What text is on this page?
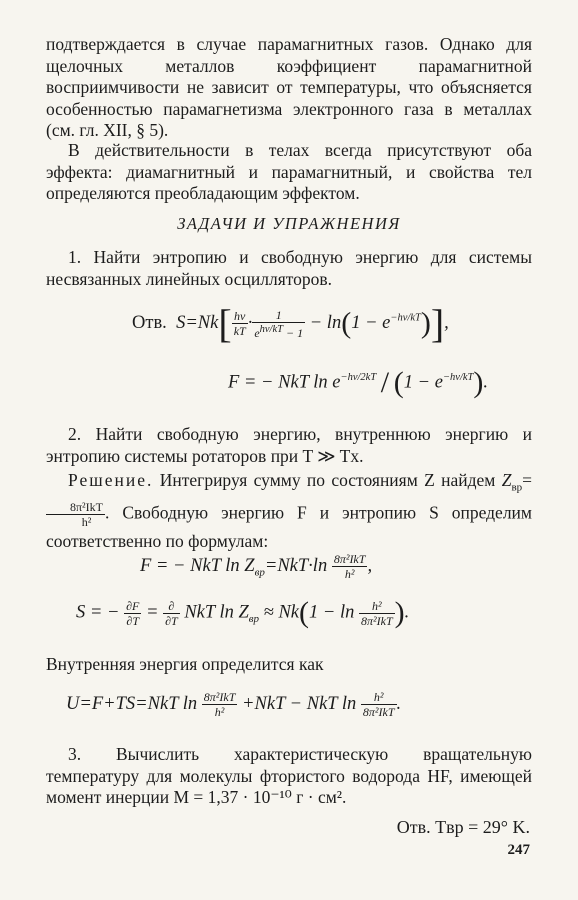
подтверждается в случае парамагнитных газов. Однако для щелочных металлов коэффициент парамагнитной восприимчивости не зависит от температуры, что объясняется особенностью парамагнетизма электронного газа в металлах (см. гл. XII, § 5).
В действительности в телах всегда присутствуют оба эффекта: диамагнитный и парамагнитный, и свойства тел определяются преобладающим эффектом.
ЗАДАЧИ И УПРАЖНЕНИЯ
1. Найти энтропию и свободную энергию для системы несвязанных линейных осцилляторов.
Отв.  $S=Nk[ \frac{h\nu}{kT} \cdot \frac{1}{e^{h\nu/kT} - 1} - \ln(1 - e^{-h\nu/kT})]$,
F = − NkT $\ln e^{-h\nu/2kT} / (1 - e^{-h\nu/kT})$.
2. Найти свободную энергию, внутреннюю энергию и энтропию системы ротаторов при T ≫ Tx.
Решение. Интегрируя сумму по состояниям Z найдем $Z_{вр}=$
$\frac{\text{8π²IkT}}{\text{h²}}$ . Свободную энергию F и энтропию S определим соответственно по формулам:
F = − NkT $\ln Z_{вр}=NkT\cdot\ln \frac{\text{8π²IkT}}{\text{h²}}$ ,
S = − $\frac{\partial F}{\partial T} = \frac{\partial}{\partial T}$ NkT $\ln Z_{вр} \approx Nk(1 - \ln \frac{\text{h²}}{\text{8π²IkT}}$ ).
Внутренняя энергия определится как
U=F+TS=NkT $\ln \frac{\text{8π²IkT}}{\text{h²}} +NkT$ − NkT $\ln \frac{\text{h²}}{\text{8π²IkT}}$ .
3. Вычислить характеристическую вращательную температуру для молекулы фтористого водорода HF, имеющей момент инерции M = 1,37 · 10⁻¹⁰ г · см².
Отв. Tвр = 29° K.
247
